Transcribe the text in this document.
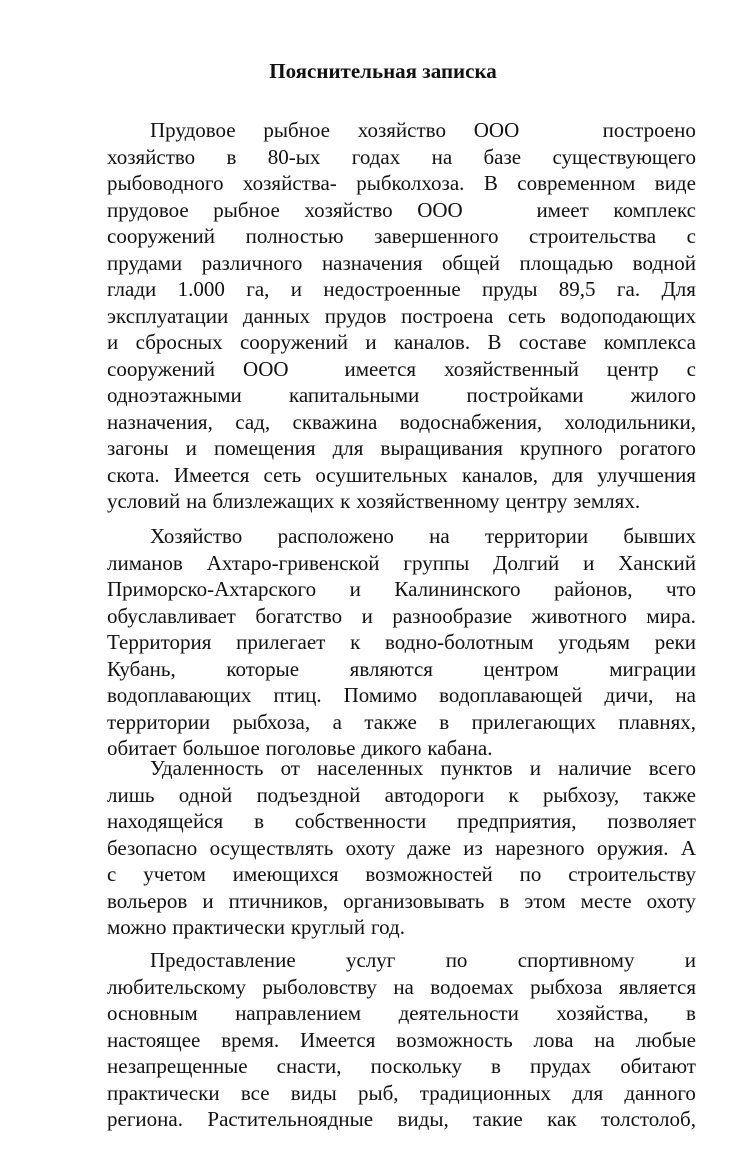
Пояснительная записка
Прудовое рыбное хозяйство ООО	построено
хозяйство в 80-ых годах на базе существующего
рыбоводного хозяйства- рыбколхоза. В современном виде
прудовое рыбное хозяйство ООО	имеет комплекс
сооружений полностью завершенного строительства с
прудами различного назначения общей площадью водной
глади 1.000 га, и недостроенные пруды 89,5 га. Для
эксплуатации данных прудов построена сеть водоподающих
и сбросных сооружений и каналов. В составе комплекса
сооружений ООО	имеется хозяйственный центр с
одноэтажными капитальными постройками жилого
назначения, сад, скважина водоснабжения, холодильники,
загоны и помещения для выращивания крупного рогатого
скота. Имеется сеть осушительных каналов, для улучшения
условий на близлежащих к хозяйственному центру землях.
Хозяйство расположено на территории бывших
лиманов Ахтаро-гривенской группы Долгий и Ханский
Приморско-Ахтарского и Калининского районов, что
обуславливает богатство и разнообразие животного мира.
Территория прилегает к водно-болотным угодьям реки
Кубань, которые являются центром миграции
водоплавающих птиц. Помимо водоплавающей дичи, на
территории рыбхоза, а также в прилегающих плавнях,
обитает большое поголовье дикого кабана.
Удаленность от населенных пунктов и наличие всего
лишь одной подъездной автодороги к рыбхозу, также
находящейся в собственности предприятия, позволяет
безопасно осуществлять охоту даже из нарезного оружия. А
с учетом имеющихся возможностей по строительству
вольеров и птичников, организовывать в этом месте охоту
можно практически круглый год.
Предоставление услуг по спортивному и
любительскому рыболовству на водоемах рыбхоза является
основным направлением деятельности хозяйства, в
настоящее время. Имеется возможность лова на любые
незапрещенные снасти, поскольку в прудах обитают
практически все виды рыб, традиционных для данного
региона. Растительноядные виды, такие как толстолоб,
